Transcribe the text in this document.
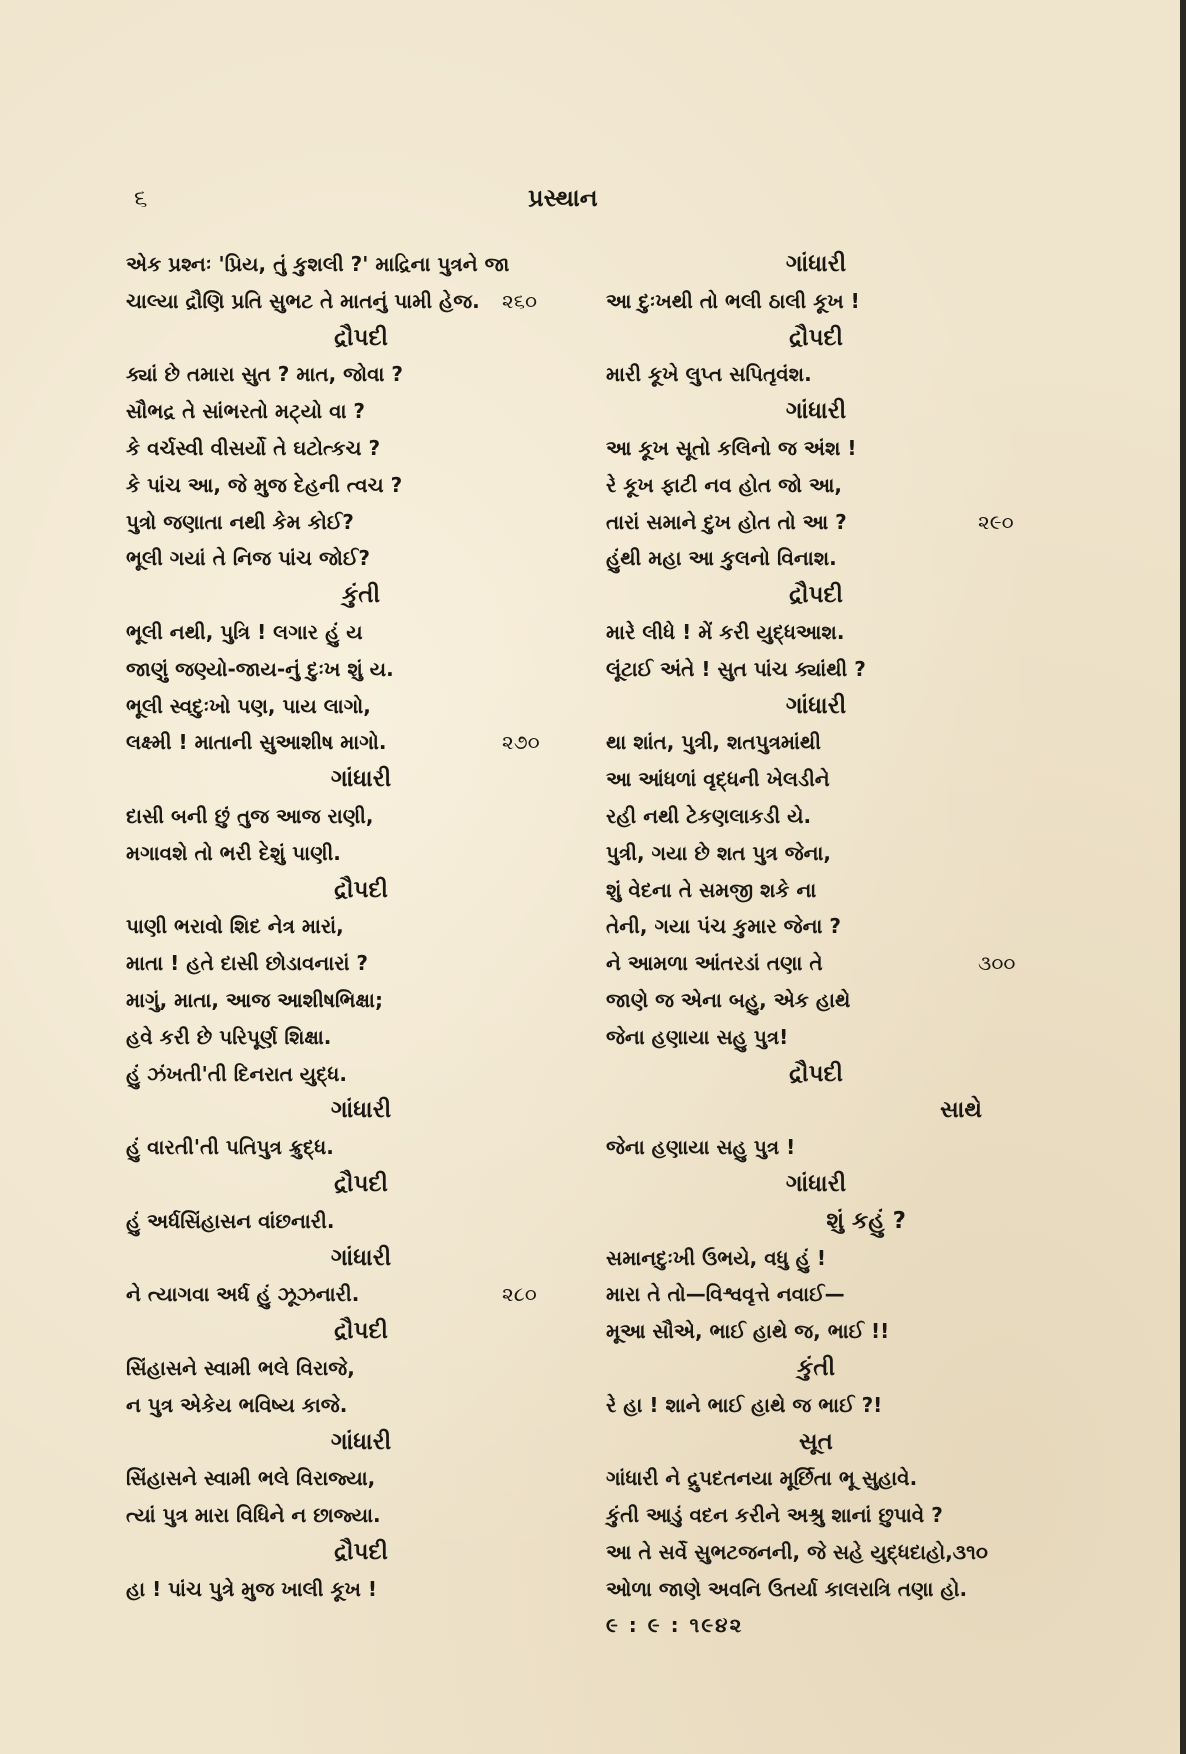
૬	પ્રસ્થાન
એક પ્રશ્નઃ 'પ્રિય, તું કુશલી ?' માદ્રિના પુત્રને જા
ચાલ્યા દ્રૌણિ પ્રતિ સુભટ તે માતનું પામી હેજ. ૨૬૦
દ્રૌપદી
ક્યાં છે તમારા સુત ? માત, જોવા ?
સૌભદ્ર તે સાંભરતો મટ્યો વા ?
કે વર્ચસ્વી વીસર્યો તે ઘટોત્કચ ?
કે પાંચ આ, જે મુજ દેહની ત્વચ ?
પુત્રો જણાતા નથી કેમ કોઈ?
ભૂલી ગયાં તે નિજ પાંચ જોઈ?
કુંતી
ભૂલી નથી, પુત્રિ ! લગાર હું ય
જાણું જણ્યો-જાય-નું દુઃખ શું ય.
ભૂલી સ્વદુઃખો પણ, પાય લાગો,
લક્ષ્મી ! માતાની સુઆશીષ માગો.	૨૭૦
ગાંધારી
દાસી બની છું તુજ આજ રાણી,
મગાવશે તો ભરી દેશું પાણી.
દ્રૌપદી
પાણી ભરાવો શિદ નેત્ર મારાં,
માતા ! હતે દાસી છોડાવનારાં ?
માગું, માતા, આજ આશીષભિક્ષા;
હવે કરી છે પરિપૂર્ણ શિક્ષા.
હું ઝંખતી'તી દિનરાત યુદ્ધ.
ગાંધારી
હું વારતી'તી પતિપુત્ર ક્રુદ્ધ.
દ્રૌપદી
હું અર્ધસિંહાસન વાંછનારી.
ગાંધારી
ને ત્યાગવા અર્ધ હું ઝૂઝનારી.	૨૮૦
દ્રૌપદી
સિંહાસને સ્વામી ભલે વિરાજે,
ન પુત્ર એકેય ભવિષ્ય કાજે.
ગાંધારી
સિંહાસને સ્વામી ભલે વિરાજ્યા,
ત્યાં પુત્ર મારા વિધિને ન છાજ્યા.
દ્રૌપદી
હા ! પાંચ પુત્રે મુજ ખાલી કૂખ !
ગાંધારી
આ દુઃખથી તો ભલી ઠાલી કૂખ !
દ્રૌપદી
મારી કૂખે લુપ્ત સપિતૃવંશ.
ગાંધારી
આ કૂખ સૂતો કલિનો જ અંશ !
રે કૂખ ફાટી નવ હોત જો આ,
તારાં સમાને દુખ હોત તો આ ?	૨૯૦
હુંથી મહા આ કુલનો વિનાશ.
દ્રૌપદી
મારે લીધે ! મેં કરી યુદ્ધઆશ.
લૂંટાઈ અંતે ! સુત પાંચ ક્યાંથી ?
ગાંધારી
થા શાંત, પુત્રી, શતપુત્રમાંથી
આ આંધળાં વૃદ્ધની ખેલડીને
રહી નથી ટેકણલાકડી યે.
પુત્રી, ગયા છે શત પુત્ર જેના,
શું વેદના તે સમજી શકે ના
તેની, ગયા પંચ કુમાર જેના ?
ને આમળા આંતરડાં તણા તે	૩૦૦
જાણે જ એના બહુ, એક હાથે
જેના હણાયા સહુ પુત્ર!
દ્રૌપદી
સાથે
જેના હણાયા સહુ પુત્ર !
ગાંધારી
શું કહું ?
સમાનદુઃખી ઉભયે, વધુ હું !
મારા તે તો—વિશ્વવૃત્તે નવાઈ—
મૂઆ સૌએ, ભાઈ હાથે જ, ભાઈ !!
કુંતી
રે હા ! શાને ભાઈ હાથે જ ભાઈ ?!
સૂત
ગાંધારી ને દ્રુપદતનયા મૂર્છિતા ભૂ સુહાવે.
કુંતી આડું વદન કરીને અશ્રુ શાનાં છુપાવે ?
આ તે સર્વે સુભટજનની, જે સહે યુદ્ધદાહો,૩૧૦
ઓળા જાણે અવનિ ઉતર્યા કાલરાત્રિ તણા હો.
૯ : ૯ : ૧૯૪૨
